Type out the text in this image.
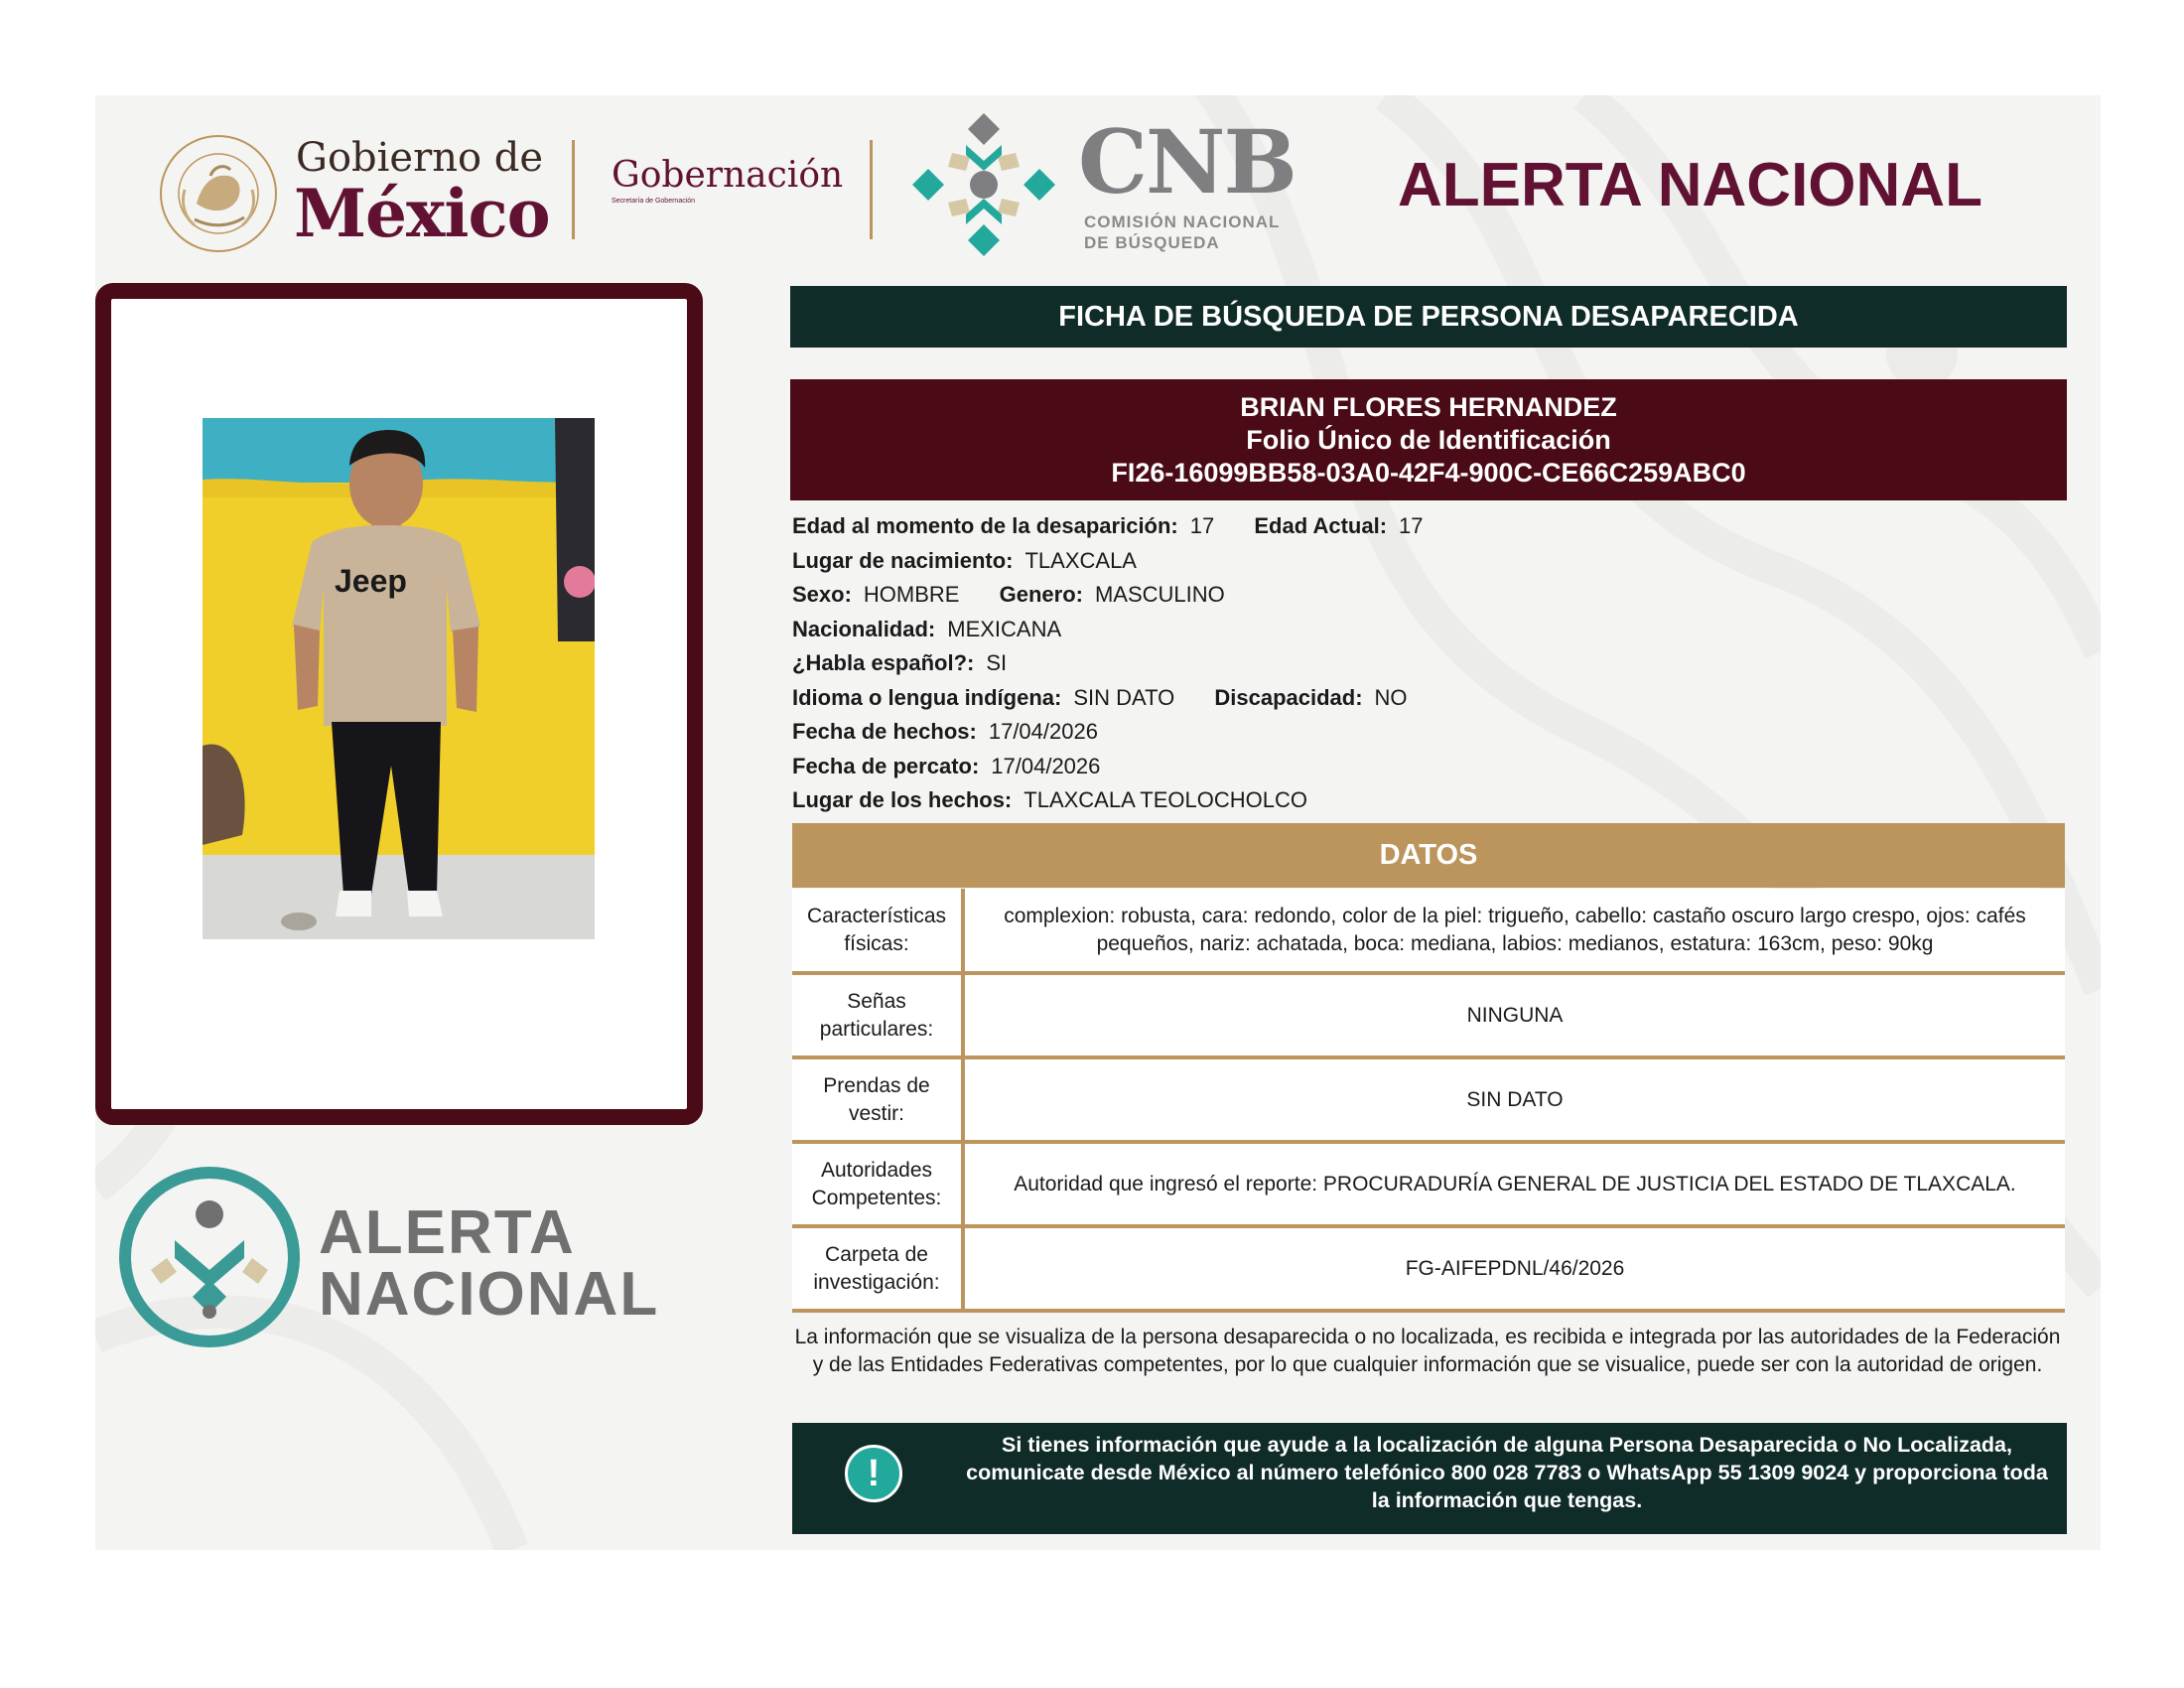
Gobierno de
México Gobernación
Secretaría de Gobernación	CNB
COMISIÓN NACIONAL
DE BÚSQUEDA
ALERTA NACIONAL
Jeep
ALERTA
NACIONAL
FICHA DE BÚSQUEDA DE PERSONA DESAPARECIDA
BRIAN FLORES HERNANDEZ
Folio Único de Identificación
FI26-16099BB58-03A0-42F4-900C-CE66C259ABC0
Edad al momento de la desaparición: 17 Edad Actual: 17
Lugar de nacimiento: TLAXCALA
Sexo: HOMBRE Genero: MASCULINO
Nacionalidad: MEXICANA
¿Habla español?: SI
Idioma o lengua indígena: SIN DATO Discapacidad: NO
Fecha de hechos: 17/04/2026
Fecha de percato: 17/04/2026
Lugar de los hechos: TLAXCALA TEOLOCHOLCO
DATOS
Características físicas:	complexion: robusta, cara: redondo, color de la piel: trigueño, cabello: castaño oscuro largo crespo, ojos: cafés pequeños, nariz: achatada, boca: mediana, labios: medianos, estatura: 163cm, peso: 90kg
Señas particulares:	NINGUNA
Prendas de vestir:	SIN DATO
Autoridades Competentes:	Autoridad que ingresó el reporte: PROCURADURÍA GENERAL DE JUSTICIA DEL ESTADO DE TLAXCALA.
Carpeta de investigación:	FG-AIFEPDNL/46/2026
La información que se visualiza de la persona desaparecida o no localizada, es recibida e integrada por las autoridades de la Federación y de las Entidades Federativas competentes, por lo que cualquier información que se visualice, puede ser con la autoridad de origen.
!
Si tienes información que ayude a la localización de alguna Persona Desaparecida o No Localizada, comunicate desde México al número telefónico 800 028 7783 o WhatsApp 55 1309 9024 y proporciona toda la información que tengas.
